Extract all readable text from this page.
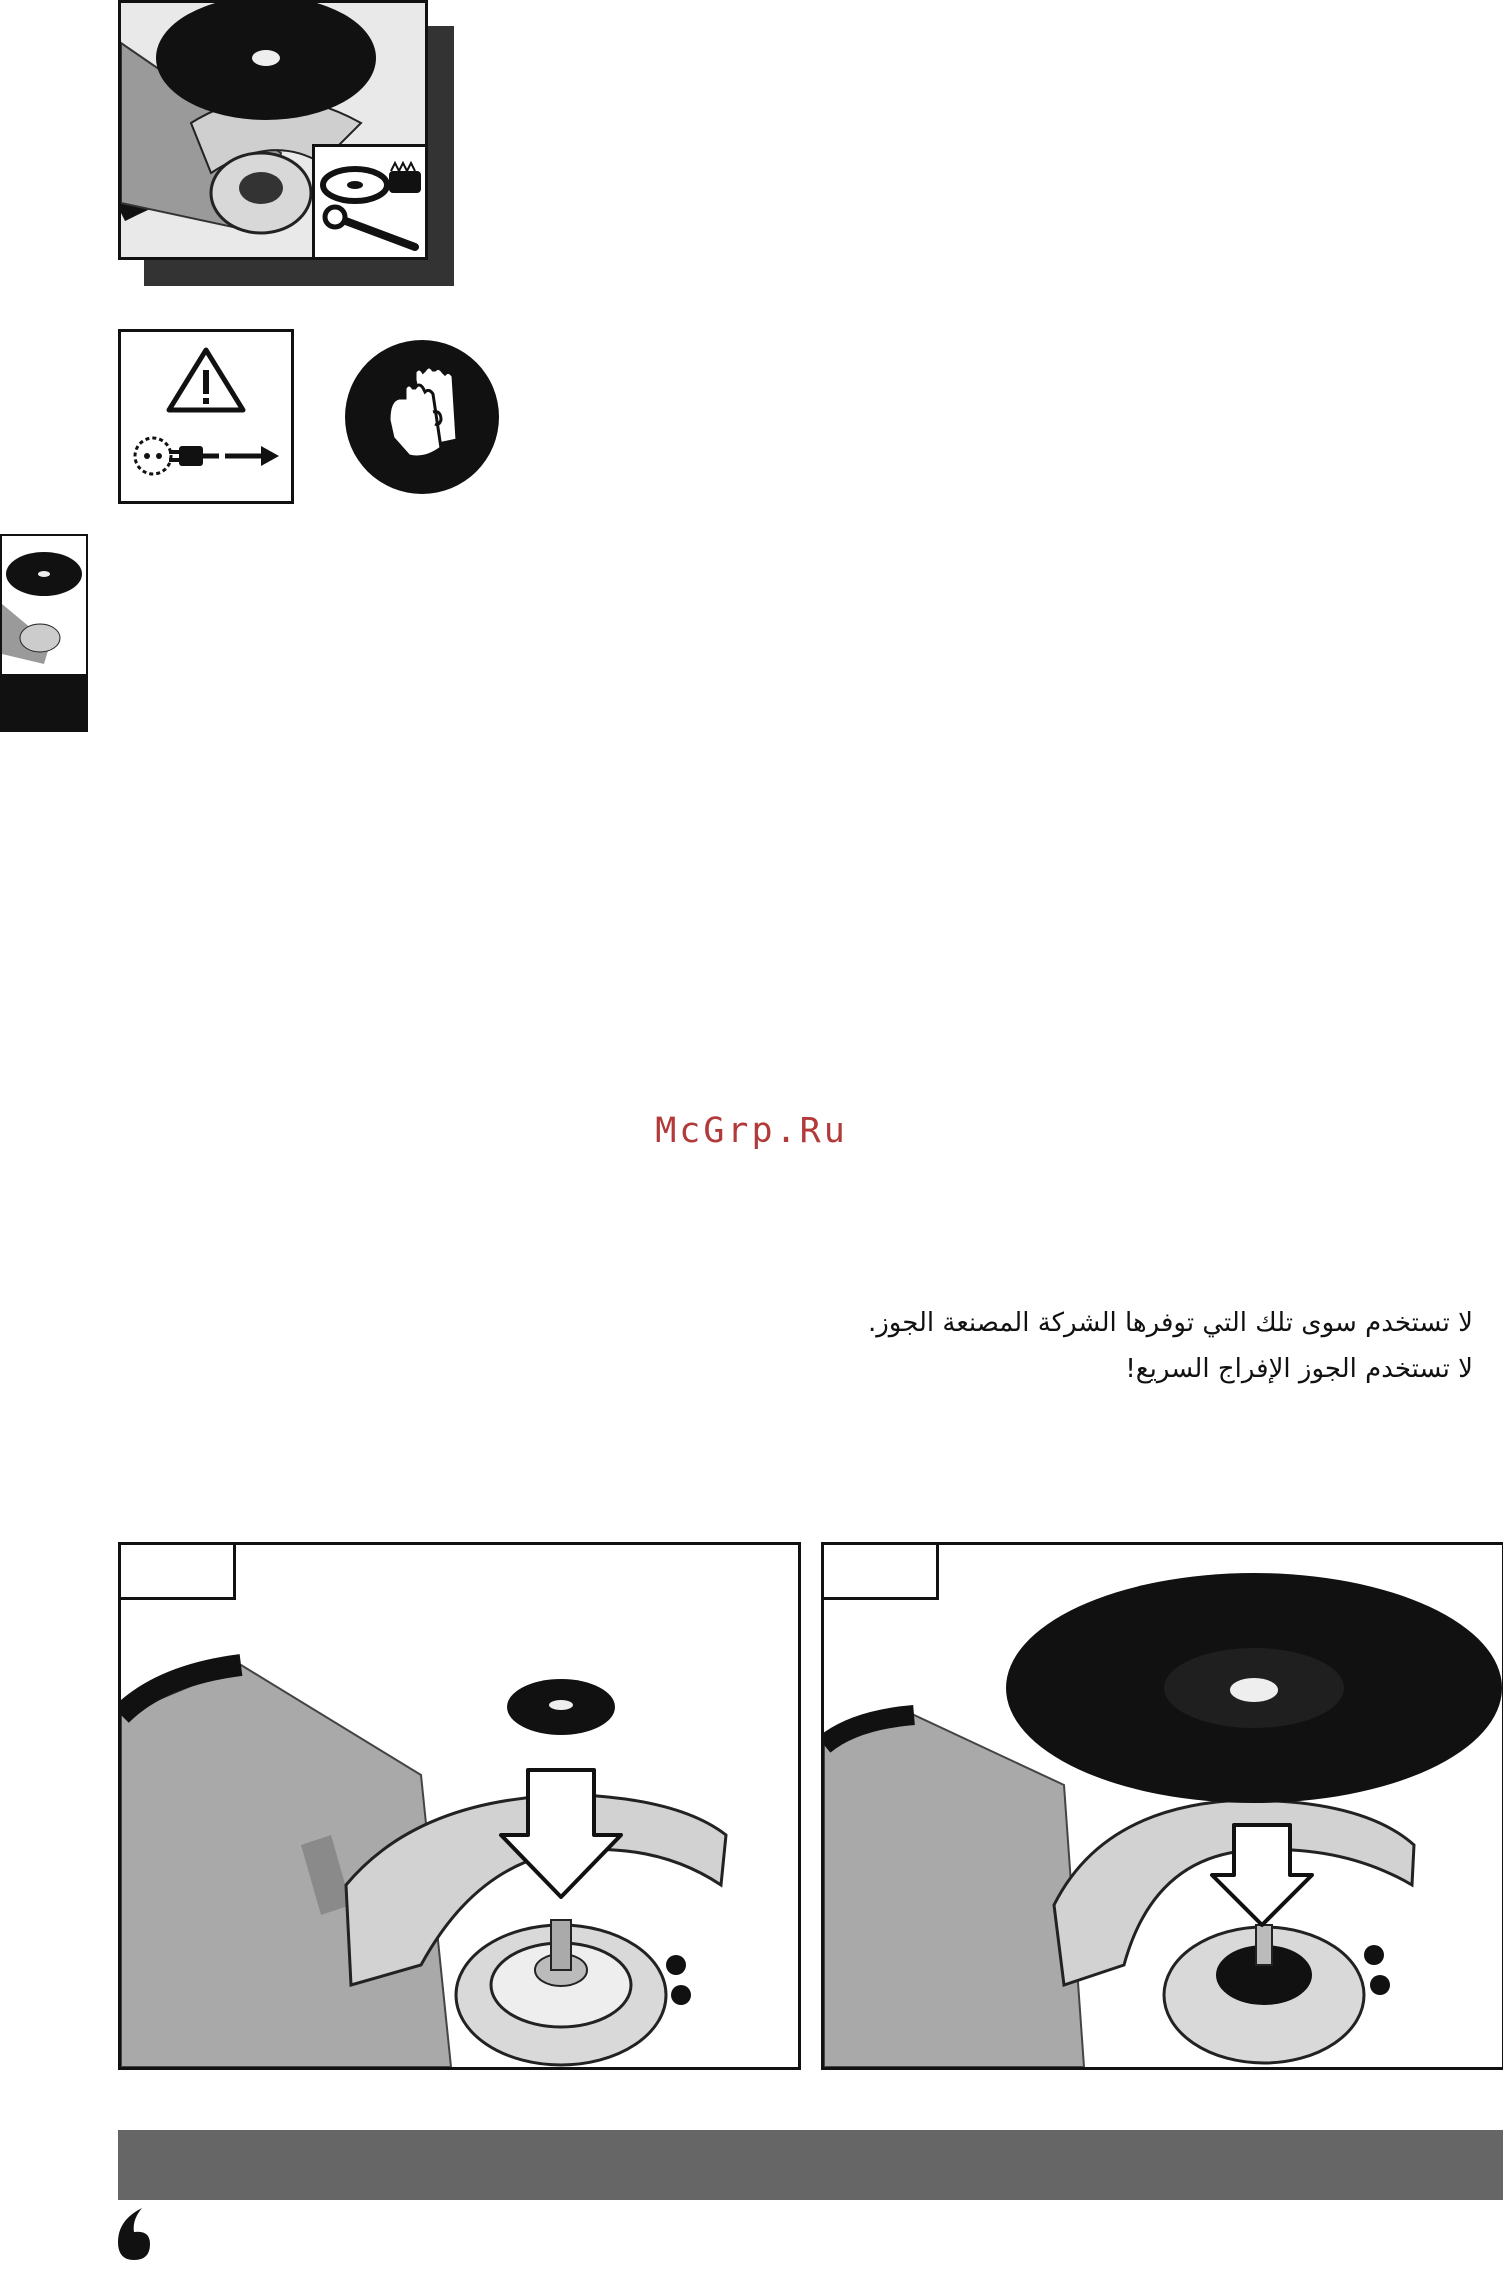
McGrp.Ru
لا تستخدم سوى تلك التي توفرها الشركة المصنعة الجوز.
لا تستخدم الجوز الإفراج السريع!
